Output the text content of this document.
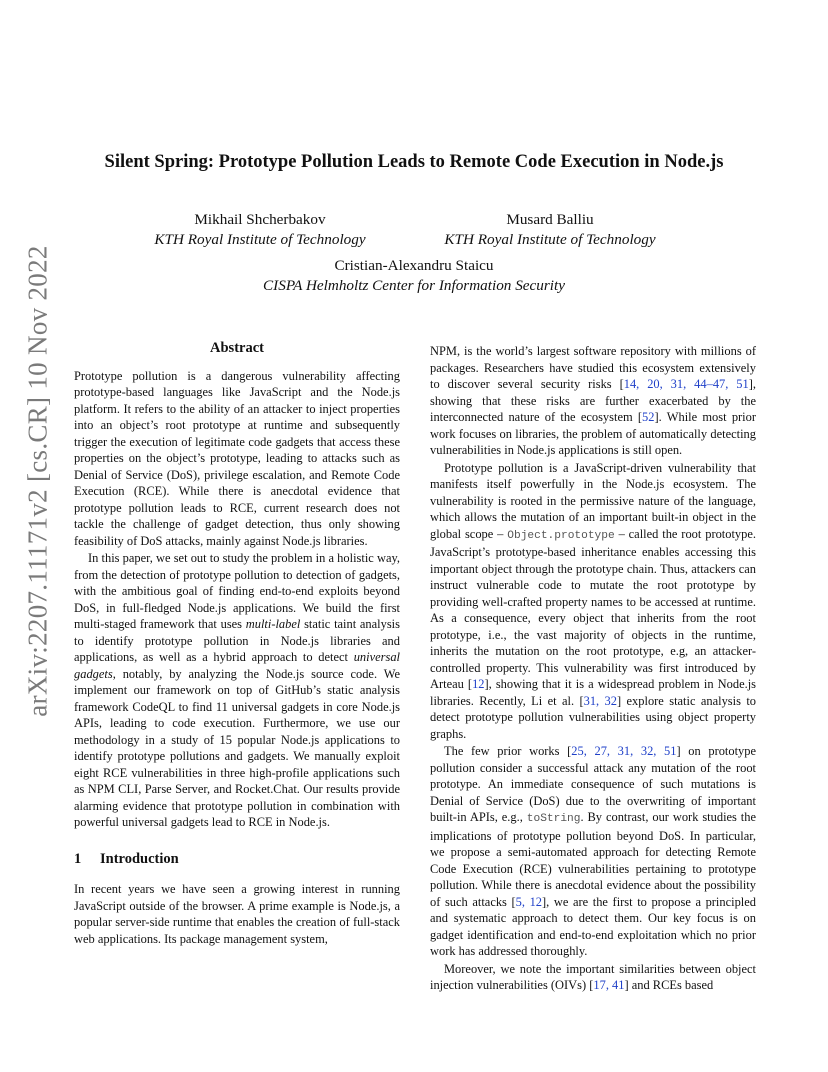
arXiv:2207.11171v2 [cs.CR] 10 Nov 2022
Silent Spring: Prototype Pollution Leads to Remote Code Execution in Node.js
Mikhail Shcherbakov
KTH Royal Institute of Technology
Musard Balliu
KTH Royal Institute of Technology
Cristian-Alexandru Staicu
CISPA Helmholtz Center for Information Security
Abstract

Prototype pollution is a dangerous vulnerability affecting prototype-based languages like JavaScript and the Node.js platform. It refers to the ability of an attacker to inject properties into an object’s root prototype at runtime and subsequently trigger the execution of legitimate code gadgets that access these properties on the object’s prototype, leading to attacks such as Denial of Service (DoS), privilege escalation, and Remote Code Execution (RCE). While there is anecdotal evidence that prototype pollution leads to RCE, current research does not tackle the challenge of gadget detection, thus only showing feasibility of DoS attacks, mainly against Node.js libraries.

In this paper, we set out to study the problem in a holistic way, from the detection of prototype pollution to detection of gadgets, with the ambitious goal of finding end-to-end exploits beyond DoS, in full-fledged Node.js applications. We build the first multi-staged framework that uses multi-label static taint analysis to identify prototype pollution in Node.js libraries and applications, as well as a hybrid approach to detect universal gadgets, notably, by analyzing the Node.js source code. We implement our framework on top of GitHub’s static analysis framework CodeQL to find 11 universal gadgets in core Node.js APIs, leading to code execution. Furthermore, we use our methodology in a study of 15 popular Node.js applications to identify prototype pollutions and gadgets. We manually exploit eight RCE vulnerabilities in three high-profile applications such as NPM CLI, Parse Server, and Rocket.Chat. Our results provide alarming evidence that prototype pollution in combination with powerful universal gadgets lead to RCE in Node.js.

1 Introduction

In recent years we have seen a growing interest in running JavaScript outside of the browser. A prime example is Node.js, a popular server-side runtime that enables the creation of full-stack web applications. Its package management system,

NPM, is the world’s largest software repository with millions of packages. Researchers have studied this ecosystem extensively to discover several security risks [14, 20, 31, 44–47, 51], showing that these risks are further exacerbated by the interconnected nature of the ecosystem [52]. While most prior work focuses on libraries, the problem of automatically detecting vulnerabilities in Node.js applications is still open.

Prototype pollution is a JavaScript-driven vulnerability that manifests itself powerfully in the Node.js ecosystem. The vulnerability is rooted in the permissive nature of the language, which allows the mutation of an important built-in object in the global scope – Object.prototype – called the root prototype. JavaScript’s prototype-based inheritance enables accessing this important object through the prototype chain. Thus, attackers can instruct vulnerable code to mutate the root prototype by providing well-crafted property names to be accessed at runtime. As a consequence, every object that inherits from the root prototype, i.e., the vast majority of objects in the runtime, inherits the mutation on the root prototype, e.g, an attacker-controlled property. This vulnerability was first introduced by Arteau [12], showing that it is a widespread problem in Node.js libraries. Recently, Li et al. [31, 32] explore static analysis to detect prototype pollution vulnerabilities using object property graphs.

The few prior works [25, 27, 31, 32, 51] on prototype pollution consider a successful attack any mutation of the root prototype. An immediate consequence of such mutations is Denial of Service (DoS) due to the overwriting of important built-in APIs, e.g., toString. By contrast, our work studies the implications of prototype pollution beyond DoS. In particular, we propose a semi-automated approach for detecting Remote Code Execution (RCE) vulnerabilities pertaining to prototype pollution. While there is anecdotal evidence about the possibility of such attacks [5, 12], we are the first to propose a principled and systematic approach to detect them. Our key focus is on gadget identification and end-to-end exploitation which no prior work has addressed thoroughly.

Moreover, we note the important similarities between object injection vulnerabilities (OIVs) [17, 41] and RCEs based
